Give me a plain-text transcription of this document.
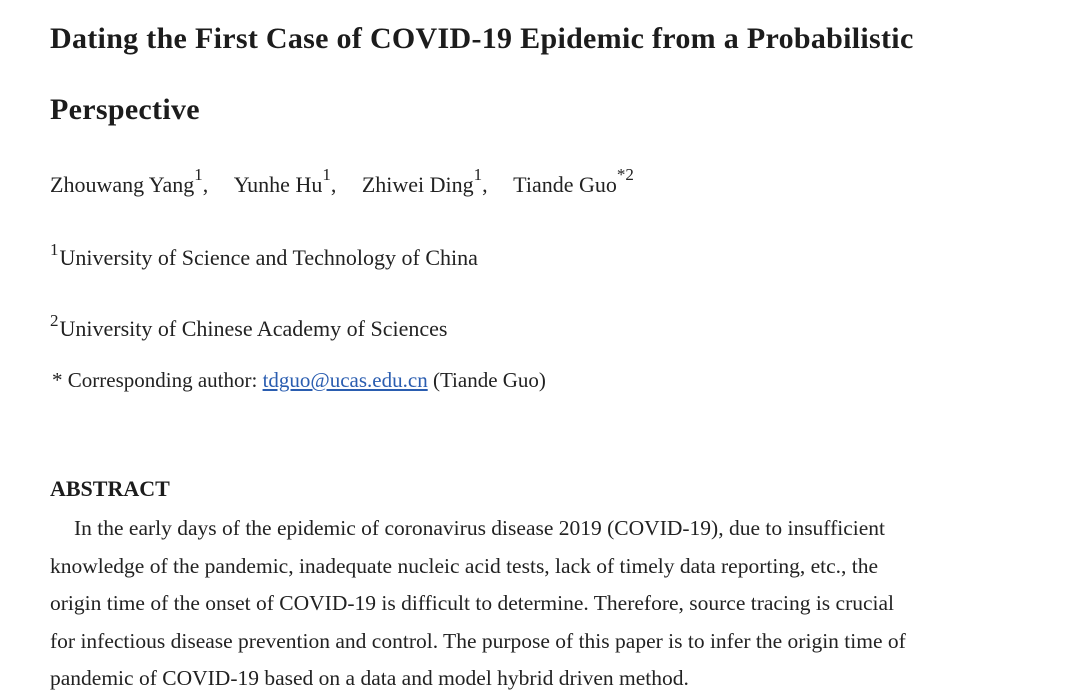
Dating the First Case of COVID-19 Epidemic from a Probabilistic
Perspective
Zhouwang Yang$^1$, Yunhe Hu$^1$, Zhiwei Ding$^1$, Tiande Guo$^{*2}$
$^1$University of Science and Technology of China
$^2$University of Chinese Academy of Sciences
* Corresponding author: tdguo@ucas.edu.cn (Tiande Guo)
ABSTRACT

In the early days of the epidemic of coronavirus disease 2019 (COVID-19), due to insufficient
knowledge of the pandemic, inadequate nucleic acid tests, lack of timely data reporting, etc., the
origin time of the onset of COVID-19 is difficult to determine. Therefore, source tracing is crucial
for infectious disease prevention and control. The purpose of this paper is to infer the origin time of
pandemic of COVID-19 based on a data and model hybrid driven method.
